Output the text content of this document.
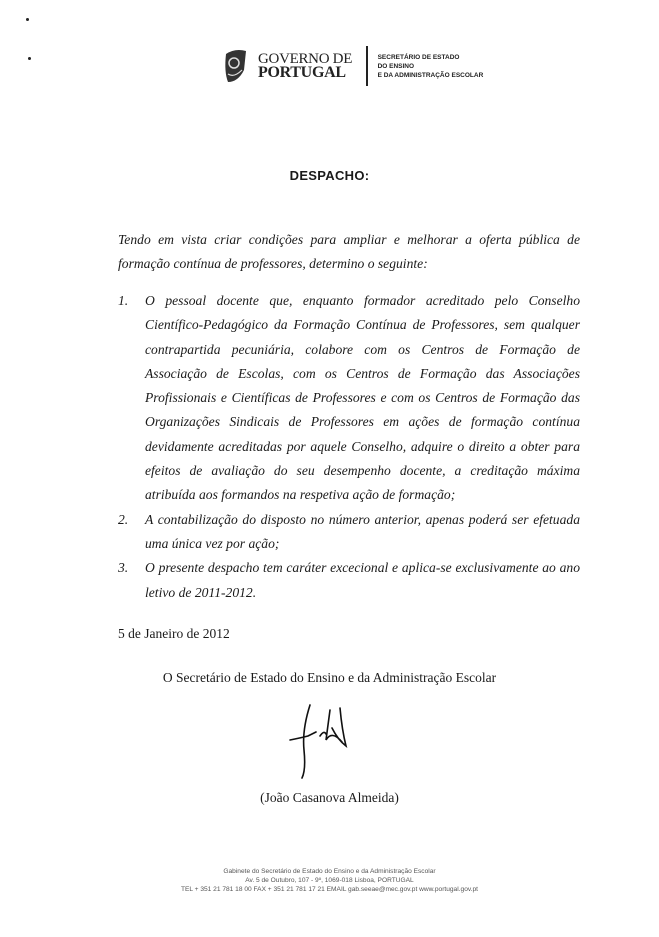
GOVERNO DE
PORTUGAL
SECRETÁRIO DE ESTADO
DO ENSINO
E DA ADMINISTRAÇÃO ESCOLAR
DESPACHO:
Tendo em vista criar condições para ampliar e melhorar a oferta pública de formação contínua de professores, determino o seguinte:
1.	O pessoal docente que, enquanto formador acreditado pelo Conselho Científico-Pedagógico da Formação Contínua de Professores, sem qualquer contrapartida pecuniária, colabore com os Centros de Formação de Associação de Escolas, com os Centros de Formação das Associações Profissionais e Científicas de Professores e com os Centros de Formação das Organizações Sindicais de Professores em ações de formação contínua devidamente acreditadas por aquele Conselho, adquire o direito a obter para efeitos de avaliação do seu desempenho docente, a creditação máxima atribuída aos formandos na respetiva ação de formação;
2.	A contabilização do disposto no número anterior, apenas poderá ser efetuada uma única vez por ação;
3.	O presente despacho tem caráter excecional e aplica-se exclusivamente ao ano letivo de 2011-2012.
5 de Janeiro de 2012
O Secretário de Estado do Ensino e da Administração Escolar
(João Casanova Almeida)
Gabinete do Secretário de Estado do Ensino e da Administração Escolar
Av. 5 de Outubro, 107 - 9º, 1069-018 Lisboa, PORTUGAL
TEL + 351 21 781 18 00 FAX + 351 21 781 17 21 EMAIL gab.seeae@mec.gov.pt www.portugal.gov.pt
